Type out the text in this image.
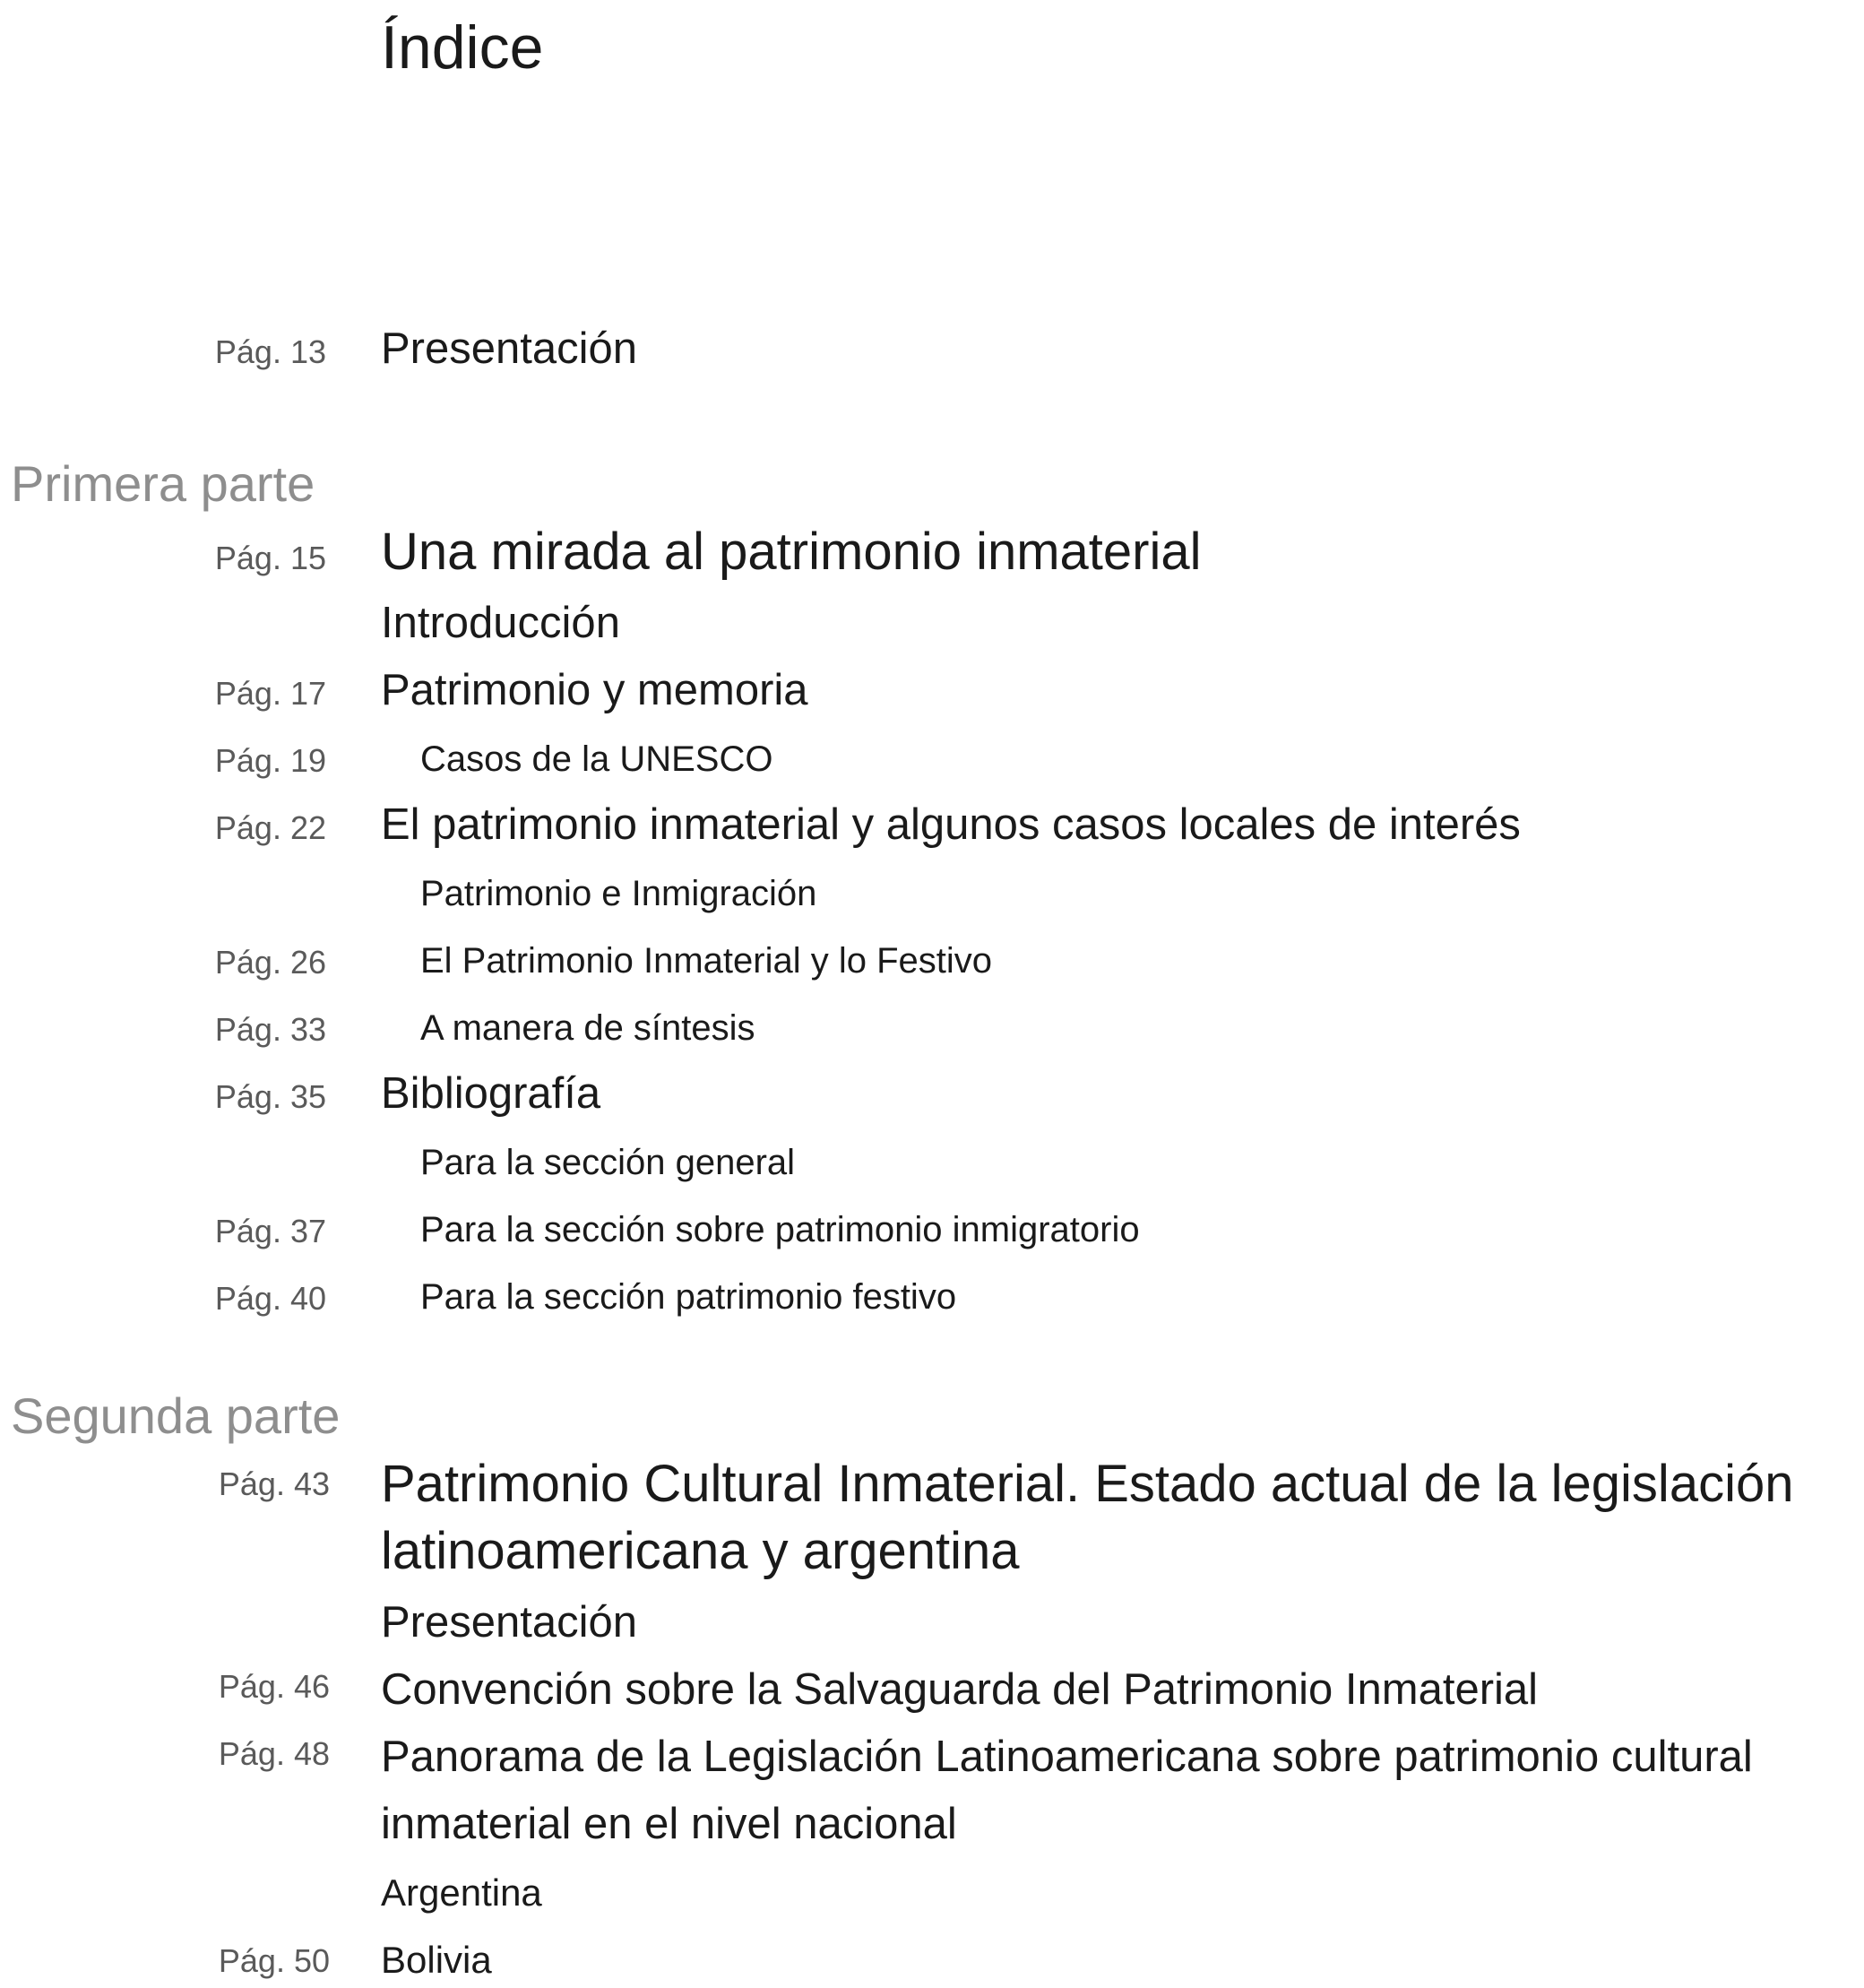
Índice
Pág. 13 Presentación
Primera parte
Pág. 15 Una mirada al patrimonio inmaterial
Introducción
Pág. 17 Patrimonio y memoria
Pág. 19	Casos de la UNESCO
Pág. 22 El patrimonio inmaterial y algunos casos locales de interés
Patrimonio e Inmigración
Pág. 26	El Patrimonio Inmaterial y lo Festivo
Pág. 33	A manera de síntesis
Pág. 35 Bibliografía
Para la sección general
Pág. 37	Para la sección sobre patrimonio inmigratorio
Pág. 40	Para la sección patrimonio festivo
Segunda parte
Pág. 43 Patrimonio Cultural Inmaterial. Estado actual de la legislación
latinoamericana y argentina
Presentación
Pág. 46 Convención sobre la Salvaguarda del Patrimonio Inmaterial
Pág. 48 Panorama de la Legislación Latinoamericana sobre patrimonio cultural
inmaterial en el nivel nacional
Argentina
Pág. 50 Bolivia
